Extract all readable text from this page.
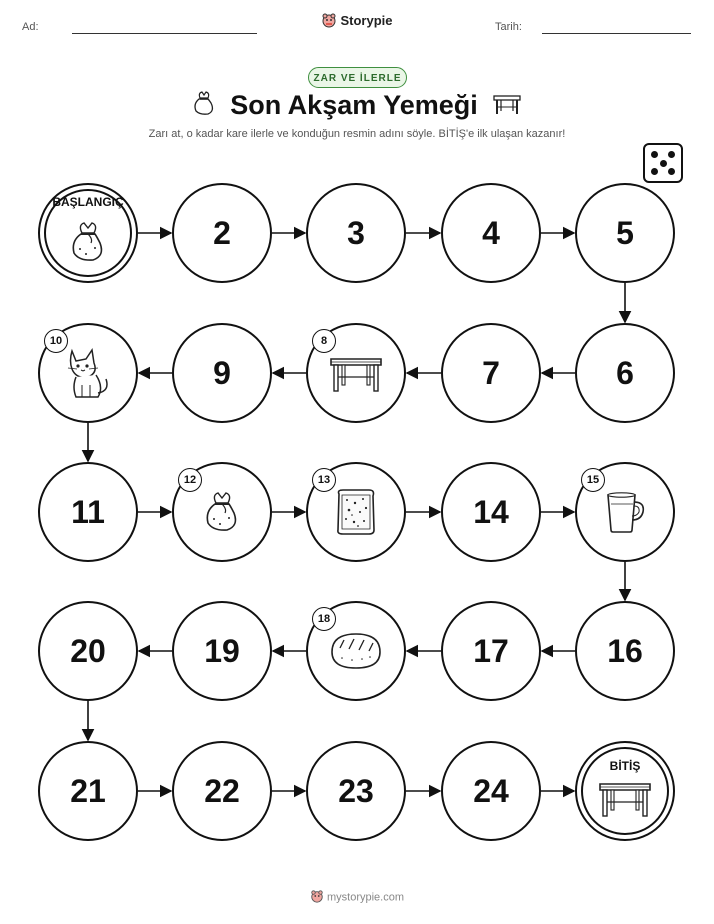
Ad:	Storypie	Tarih:
ZAR VE İLERLE
Son Akşam Yemeği
Zarı at, o kadar kare ilerle ve konduğun resmin adını söyle. BİTİŞ'e ilk ulaşan kazanır!
BAŞLANGIÇ
2	3	4	5
6
7
8
9
10
11
12	13
14
15
16
17
18
19
20
21	22	23	24
BİTİŞ
mystorypie.com
